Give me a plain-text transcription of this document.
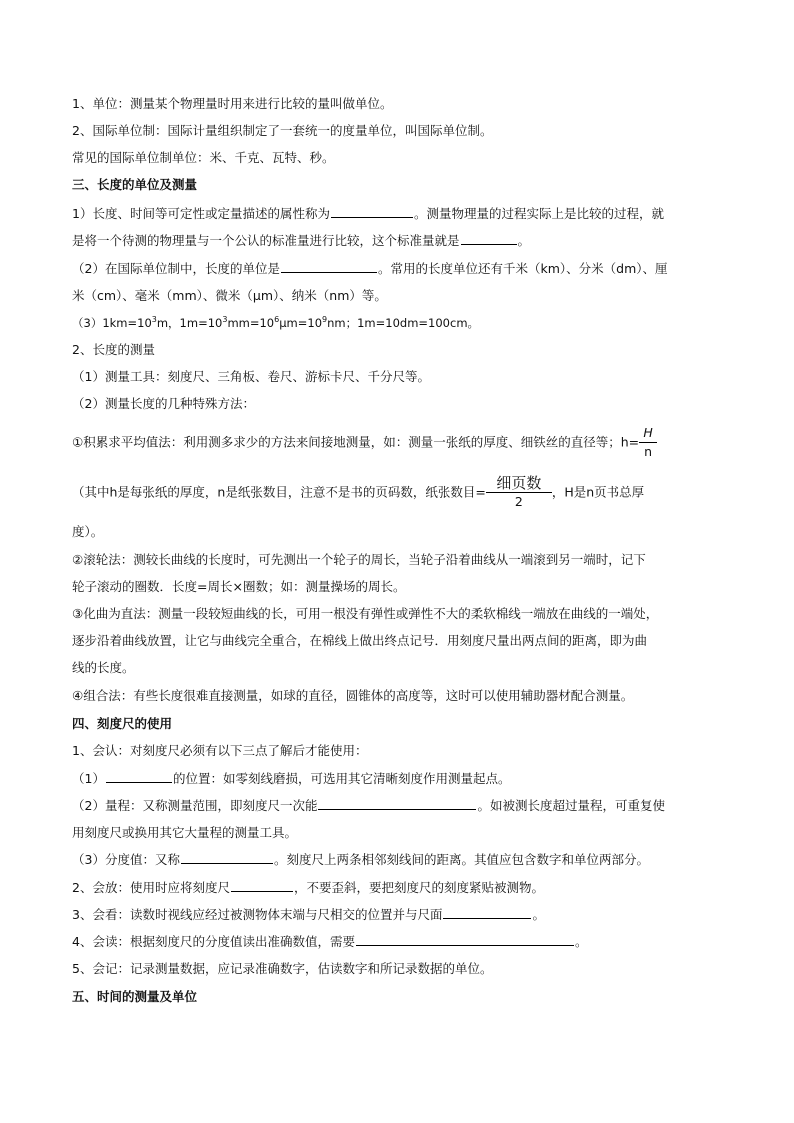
1、单位：测量某个物理量时用来进行比较的量叫做单位。
2、国际单位制：国际计量组织制定了一套统一的度量单位，叫国际单位制。
常见的国际单位制单位：米、千克、瓦特、秒。
三、长度的单位及测量
1）长度、时间等可定性或定量描述的属性称为	。测量物理量的过程实际上是比较的过程，就
是将一个待测的物理量与一个公认的标准量进行比较，这个标准量就是	。
（2）在国际单位制中，长度的单位是	。常用的长度单位还有千米（km）、分米（dm）、厘
米（cm）、毫米（mm）、微米（μm）、纳米（nm）等。
$(3)1km=10^3m$，$1m=10^3mm=10^6\mu m=10^9nm$；1m=10dm=100cm。
2、长度的测量
（1）测量工具：刻度尺、三角板、卷尺、游标卡尺、千分尺等。
（2）测量长度的几种特殊方法：
①积累求平均值法：利用测多求少的方法来间接地测量，如：测量一张纸的厚度、细铁丝的直径等；$h= \frac{H}{n}$
（其中h是每张纸的厚度，n是纸张数目，注意不是书的页码数，纸张数目= $\frac{\text{细页数}}{2}$ ，H是n页书总厚
度）。
②滚轮法：测较长曲线的长度时，可先测出一个轮子的周长，当轮子沿着曲线从一端滚到另一端时，记下
轮子滚动的圈数．长度=周长×圈数；如：测量操场的周长。
③化曲为直法：测量一段较短曲线的长，可用一根没有弹性或弹性不大的柔软棉线一端放在曲线的一端处，
逐步沿着曲线放置，让它与曲线完全重合，在棉线上做出终点记号．用刻度尺量出两点间的距离，即为曲
线的长度。
④组合法：有些长度很难直接测量，如球的直径，圆锥体的高度等，这时可以使用辅助器材配合测量。
四、刻度尺的使用
1、会认：对刻度尺必须有以下三点了解后才能使用：
（1）	的位置：如零刻线磨损，可选用其它清晰刻度作用测量起点。
（2）量程：又称测量范围，即刻度尺一次能	。如被测长度超过量程，可重复使
用刻度尺或换用其它大量程的测量工具。
（3）分度值：又称	。刻度尺上两条相邻刻线间的距离。其值应包含数字和单位两部分。
2、会放：使用时应将刻度尺	，不要歪斜，要把刻度尺的刻度紧贴被测物。
3、会看：读数时视线应经过被测物体末端与尺相交的位置并与尺面	。
4、会读：根据刻度尺的分度值读出准确数值，需要	。
5、会记：记录测量数据，应记录准确数字，估读数字和所记录数据的单位。
五、时间的测量及单位
